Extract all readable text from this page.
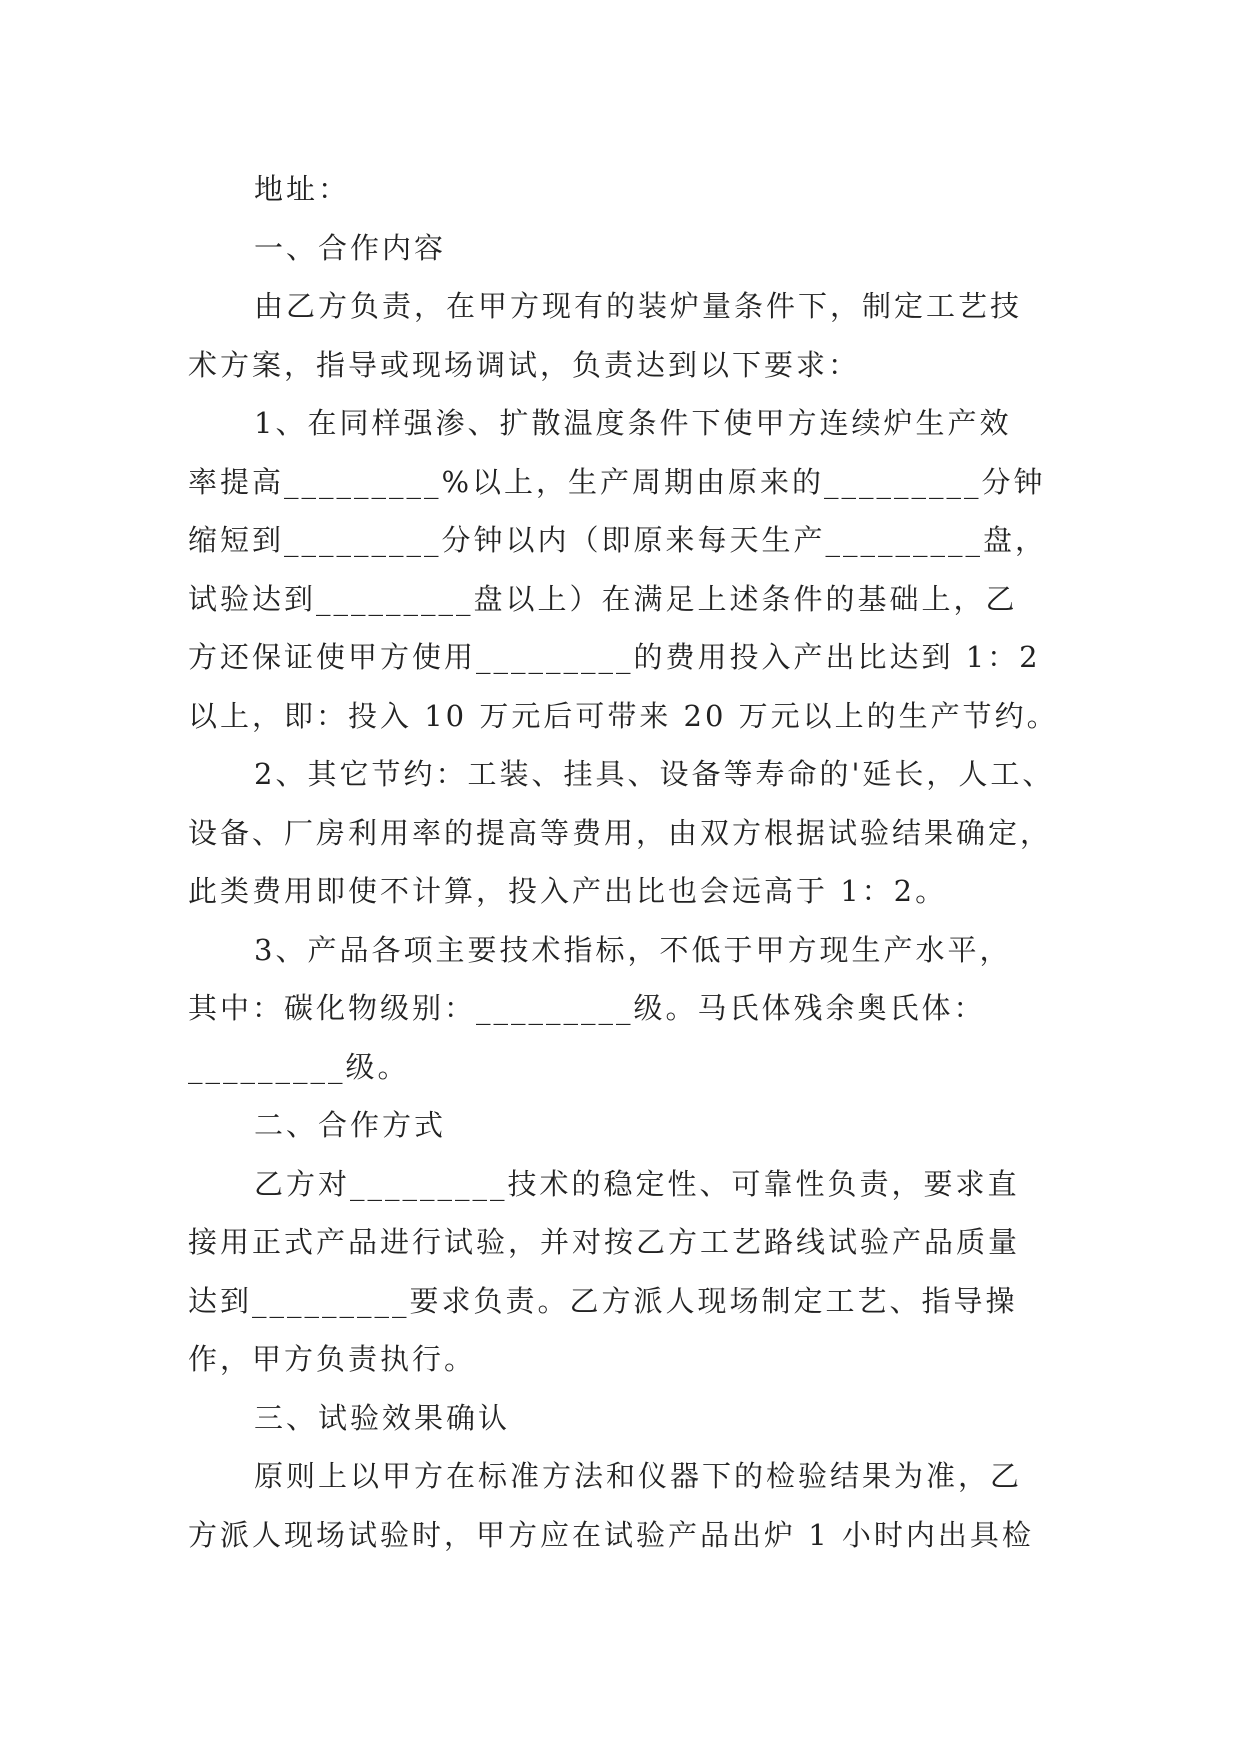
地址：
一、合作内容
由乙方负责，在甲方现有的装炉量条件下，制定工艺技
术方案，指导或现场调试，负责达到以下要求：
1、在同样强渗、扩散温度条件下使甲方连续炉生产效
率提高_________%以上，生产周期由原来的_________分钟
缩短到_________分钟以内（即原来每天生产_________盘，
试验达到_________盘以上）在满足上述条件的基础上，乙
方还保证使甲方使用_________的费用投入产出比达到 1：2
以上，即：投入 10 万元后可带来 20 万元以上的生产节约。
2、其它节约：工装、挂具、设备等寿命的'延长，人工、
设备、厂房利用率的提高等费用，由双方根据试验结果确定，
此类费用即使不计算，投入产出比也会远高于 1：2。
3、产品各项主要技术指标，不低于甲方现生产水平，
其中：碳化物级别：_________级。马氏体残余奥氏体：
_________级。
二、合作方式
乙方对_________技术的稳定性、可靠性负责，要求直
接用正式产品进行试验，并对按乙方工艺路线试验产品质量
达到_________要求负责。乙方派人现场制定工艺、指导操
作，甲方负责执行。
三、试验效果确认
原则上以甲方在标准方法和仪器下的检验结果为准，乙
方派人现场试验时，甲方应在试验产品出炉 1 小时内出具检
